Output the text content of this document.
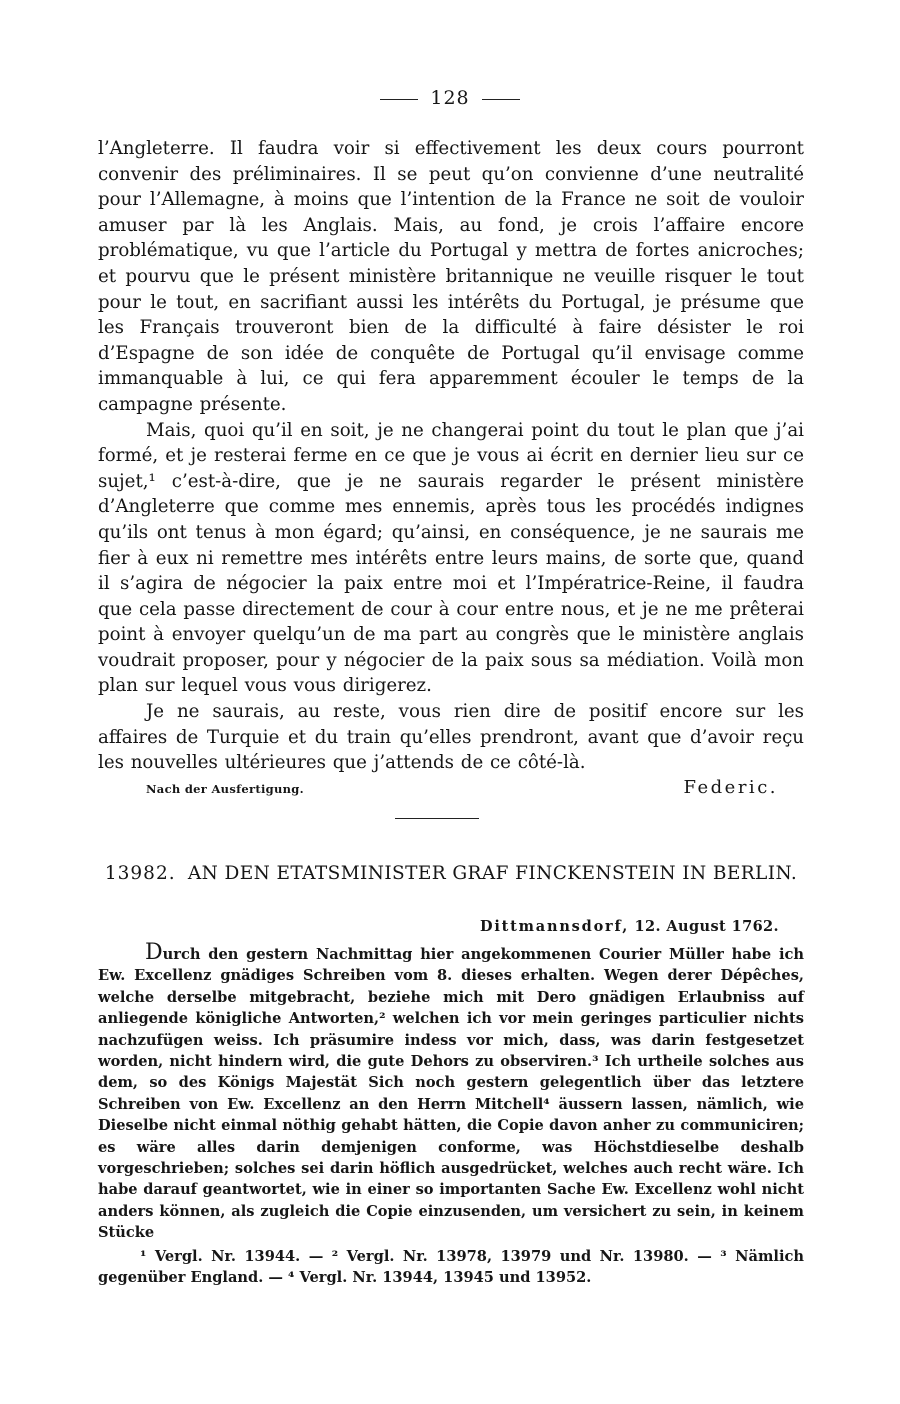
128

l’Angleterre. Il faudra voir si effectivement les deux cours pourront convenir des préliminaires. Il se peut qu’on convienne d’une neutralité pour l’Allemagne, à moins que l’intention de la France ne soit de vouloir amuser par là les Anglais. Mais, au fond, je crois l’affaire encore problématique, vu que l’article du Portugal y mettra de fortes anicroches; et pourvu que le présent ministère britannique ne veuille risquer le tout pour le tout, en sacrifiant aussi les intérêts du Portugal, je présume que les Français trouveront bien de la difficulté à faire désister le roi d’Espagne de son idée de conquête de Portugal qu’il envisage comme immanquable à lui, ce qui fera apparemment écouler le temps de la campagne présente.

Mais, quoi qu’il en soit, je ne changerai point du tout le plan que j’ai formé, et je resterai ferme en ce que je vous ai écrit en dernier lieu sur ce sujet,¹ c’est-à-dire, que je ne saurais regarder le présent ministère d’Angleterre que comme mes ennemis, après tous les procédés indignes qu’ils ont tenus à mon égard; qu’ainsi, en conséquence, je ne saurais me fier à eux ni remettre mes intérêts entre leurs mains, de sorte que, quand il s’agira de négocier la paix entre moi et l’Impératrice-Reine, il faudra que cela passe directement de cour à cour entre nous, et je ne me prêterai point à envoyer quelqu’un de ma part au congrès que le ministère anglais voudrait proposer, pour y négocier de la paix sous sa médiation. Voilà mon plan sur lequel vous vous dirigerez.

Je ne saurais, au reste, vous rien dire de positif encore sur les affaires de Turquie et du train qu’elles prendront, avant que d’avoir reçu les nouvelles ultérieures que j’attends de ce côté-là.

Nach der Ausfertigung.	Federic.
13982. AN DEN ETATSMINISTER GRAF FINCKENSTEIN IN BERLIN.
Dittmannsdorf, 12. August 1762.
Durch den gestern Nachmittag hier angekommenen Courier Müller habe ich Ew. Excellenz gnädiges Schreiben vom 8. dieses erhalten. Wegen derer Dépêches, welche derselbe mitgebracht, beziehe mich mit Dero gnädigen Erlaubniss auf anliegende königliche Antworten,² welchen ich vor mein geringes particulier nichts nachzufügen weiss. Ich präsumire indess vor mich, dass, was darin festgesetzet worden, nicht hindern wird, die gute Dehors zu observiren.³ Ich urtheile solches aus dem, so des Königs Majestät Sich noch gestern gelegentlich über das letztere Schreiben von Ew. Excellenz an den Herrn Mitchell⁴ äussern lassen, nämlich, wie Dieselbe nicht einmal nöthig gehabt hätten, die Copie davon anher zu communiciren; es wäre alles darin demjenigen conforme, was Höchstdieselbe deshalb vorgeschrieben; solches sei darin höflich ausgedrücket, welches auch recht wäre. Ich habe darauf geantwortet, wie in einer so importanten Sache Ew. Excellenz wohl nicht anders können, als zugleich die Copie einzusenden, um versichert zu sein, in keinem Stücke
¹ Vergl. Nr. 13944. — ² Vergl. Nr. 13978, 13979 und Nr. 13980. — ³ Nämlich gegenüber England. — ⁴ Vergl. Nr. 13944, 13945 und 13952.
